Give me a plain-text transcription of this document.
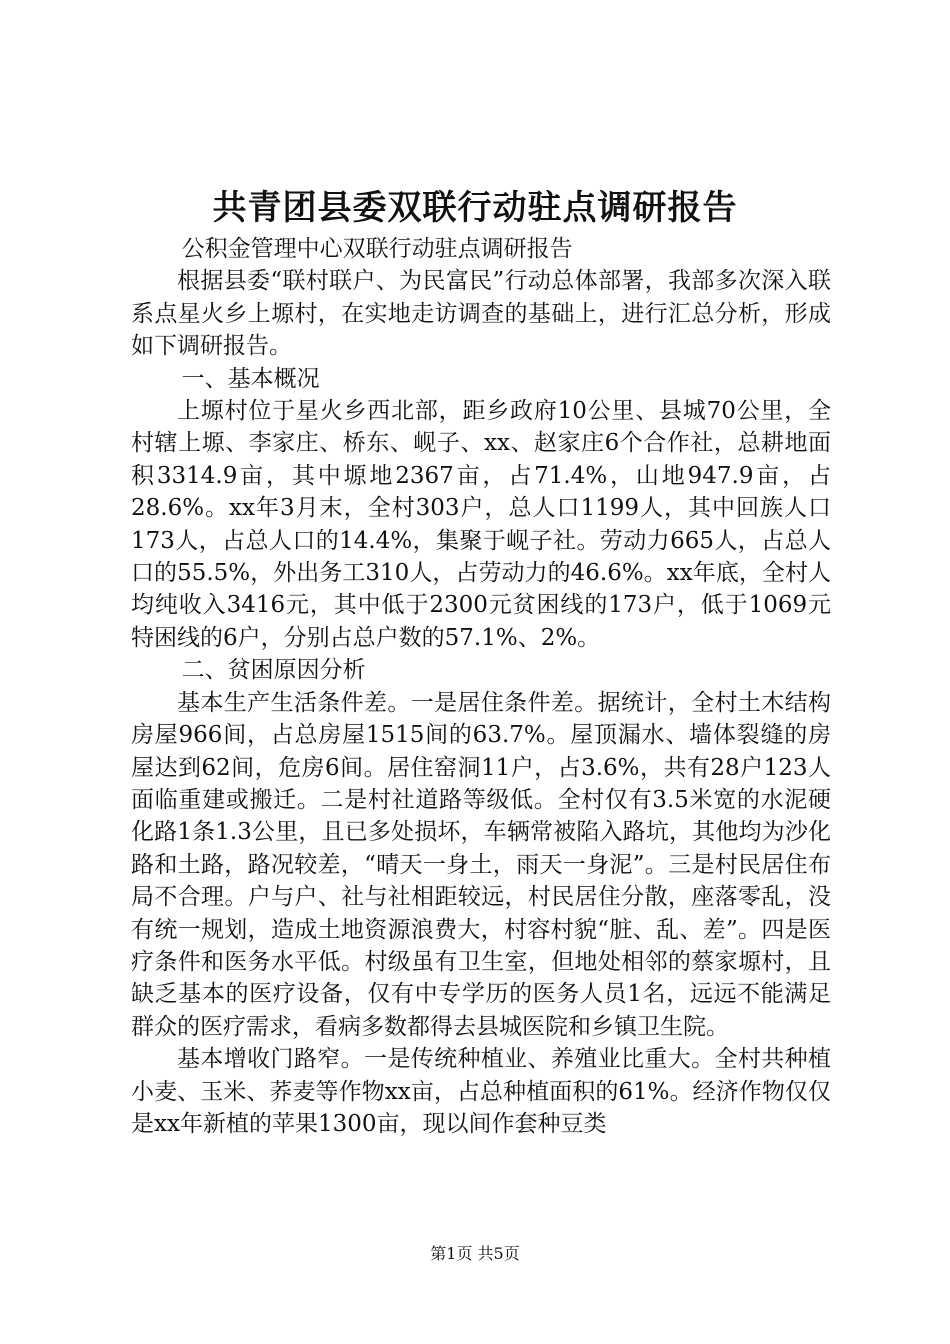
共青团县委双联行动驻点调研报告

公积金管理中心双联行动驻点调研报告

根据县委“联村联户、为民富民”行动总体部署，我部多次深入联系点星火乡上塬村，在实地走访调查的基础上，进行汇总分析，形成如下调研报告。

一、基本概况

上塬村位于星火乡西北部，距乡政府10公里、县城70公里，全村辖上塬、李家庄、桥东、岘子、xx、赵家庄6个合作社，总耕地面积3314.9亩，其中塬地2367亩，占71.4%，山地947.9亩，占28.6%。xx年3月末，全村303户，总人口1199人，其中回族人口173人，占总人口的14.4%，集聚于岘子社。劳动力665人，占总人口的55.5%，外出务工310人，占劳动力的46.6%。xx年底，全村人均纯收入3416元，其中低于2300元贫困线的173户，低于1069元特困线的6户，分别占总户数的57.1%、2%。

二、贫困原因分析

基本生产生活条件差。一是居住条件差。据统计，全村土木结构房屋966间，占总房屋1515间的63.7%。屋顶漏水、墙体裂缝的房屋达到62间，危房6间。居住窑洞11户，占3.6%，共有28户123人面临重建或搬迁。二是村社道路等级低。全村仅有3.5米宽的水泥硬化路1条1.3公里，且已多处损坏，车辆常被陷入路坑，其他均为沙化路和土路，路况较差，“晴天一身土，雨天一身泥”。三是村民居住布局不合理。户与户、社与社相距较远，村民居住分散，座落零乱，没有统一规划，造成土地资源浪费大，村容村貌“脏、乱、差”。四是医疗条件和医务水平低。村级虽有卫生室，但地处相邻的蔡家塬村，且缺乏基本的医疗设备，仅有中专学历的医务人员1名，远远不能满足群众的医疗需求，看病多数都得去县城医院和乡镇卫生院。

基本增收门路窄。一是传统种植业、养殖业比重大。全村共种植小麦、玉米、荞麦等作物xx亩，占总种植面积的61%。经济作物仅仅是xx年新植的苹果1300亩，现以间作套种豆类

第1页 共5页
